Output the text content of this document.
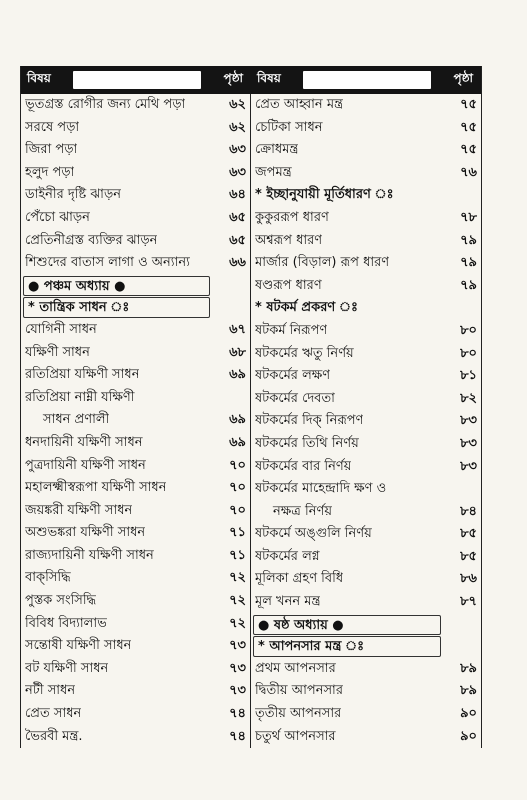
বিষয়	পৃষ্ঠা	বিষয়	পৃষ্ঠা
ভূতগ্রস্ত রোগীর জন্য মেথি পড়া	৬২
সরষে পড়া	৬২
জিরা পড়া	৬৩
হলুদ পড়া	৬৩
ডাইনীর দৃষ্টি ঝাড়ন	৬৪
পেঁচো ঝাড়ন	৬৫
প্রেতিনীগ্রস্ত ব্যক্তির ঝাড়ন	৬৫
শিশুদের বাতাস লাগা ও অন্যান্য	৬৬
● পঞ্চম অধ্যায় ●
* তান্ত্রিক সাধন ঃ
যোগিনী সাধন	৬৭
যক্ষিণী সাধন	৬৮
রতিপ্রিয়া যক্ষিণী সাধন	৬৯
রতিপ্রিয়া নাম্নী যক্ষিণী
সাধন প্রণালী	৬৯
ধনদায়িনী যক্ষিণী সাধন	৬৯
পুত্রদায়িনী যক্ষিণী সাধন	৭০
মহালক্ষ্মীস্বরূপা যক্ষিণী সাধন	৭০
জয়ঙ্করী যক্ষিণী সাধন	৭০
অশুভঙ্করা যক্ষিণী সাধন	৭১
রাজ্যদায়িনী যক্ষিণী সাধন	৭১
বাক্‌সিদ্ধি	৭২
পুস্তক সংসিদ্ধি	৭২
বিবিধ বিদ্যালাভ	৭২
সন্তোষী যক্ষিণী সাধন	৭৩
বট যক্ষিণী সাধন	৭৩
নটী সাধন	৭৩
প্রেত সাধন	৭৪
ভৈরবী মন্ত্র.	৭৪
প্রেত আহ্বান মন্ত্র	৭৫
চেটিকা সাধন	৭৫
ক্রোধমন্ত্র	৭৫
জপমন্ত্র	৭৬
* ইচ্ছানুযায়ী মূর্তিধারণ ঃ
কুকুররূপ ধারণ	৭৮
অশ্বরূপ ধারণ	৭৯
মার্জার (বিড়াল) রূপ ধারণ	৭৯
ষণ্ডরূপ ধারণ	৭৯
* ষটকর্ম প্রকরণ ঃ
ষটকর্ম নিরূপণ	৮০
ষটকর্মের ঋতু নির্ণয়	৮০
ষটকর্মের লক্ষণ	৮১
ষটকর্মের দেবতা	৮২
ষটকর্মের দিক্‌ নিরূপণ	৮৩
ষটকর্মের তিথি নির্ণয়	৮৩
ষটকর্মের বার নির্ণয়	৮৩
ষটকর্মের মাহেন্দ্রাদি ক্ষণ ও
নক্ষত্র নির্ণয়	৮৪
ষটকর্মে অঙ্গুলি নির্ণয়	৮৫
ষটকর্মের লগ্ন	৮৫
মূলিকা গ্রহণ বিধি	৮৬
মূল খনন মন্ত্র	৮৭
● ষষ্ঠ অধ্যায় ●
* আপনসার মন্ত্র ঃ
প্রথম আপনসার	৮৯
দ্বিতীয় আপনসার	৮৯
তৃতীয় আপনসার	৯০
চতুর্থ আপনসার	৯০
